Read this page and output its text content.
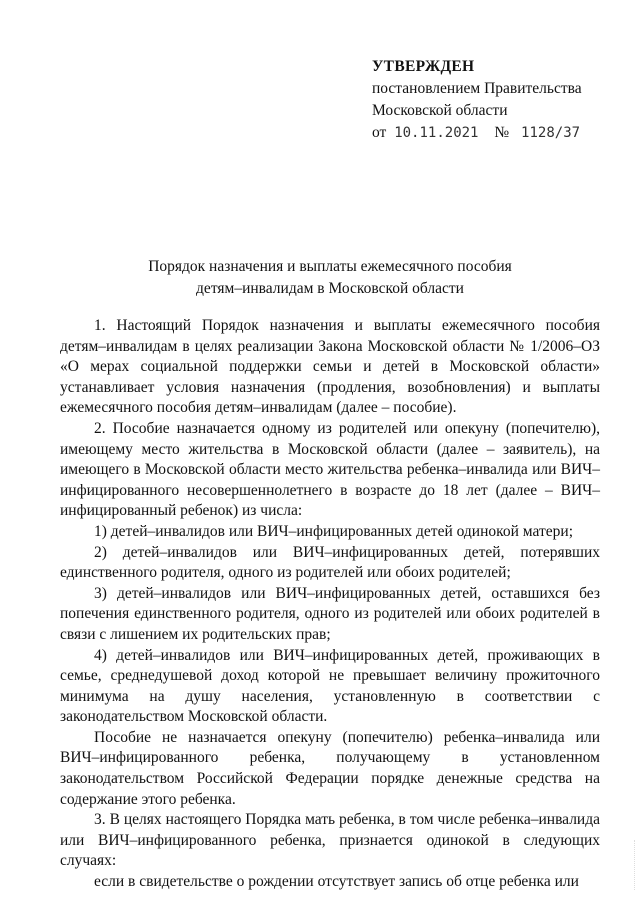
УТВЕРЖДЕН
постановлением Правительства
Московской области
от 10.11.2021 № 1128/37
Порядок назначения и выплаты ежемесячного пособия
детям–инвалидам в Московской области

1. Настоящий Порядок назначения и выплаты ежемесячного пособия детям–инвалидам в целях реализации Закона Московской области № 1/2006–ОЗ «О мерах социальной поддержки семьи и детей в Московской области» устанавливает условия назначения (продления, возобновления) и выплаты ежемесячного пособия детям–инвалидам (далее – пособие).

2. Пособие назначается одному из родителей или опекуну (попечителю), имеющему место жительства в Московской области (далее – заявитель), на имеющего в Московской области место жительства ребенка–инвалида или ВИЧ–инфицированного несовершеннолетнего в возрасте до 18 лет (далее – ВИЧ–инфицированный ребенок) из числа:

1) детей–инвалидов или ВИЧ–инфицированных детей одинокой матери;

2) детей–инвалидов или ВИЧ–инфицированных детей, потерявших единственного родителя, одного из родителей или обоих родителей;

3) детей–инвалидов или ВИЧ–инфицированных детей, оставшихся без попечения единственного родителя, одного из родителей или обоих родителей в связи с лишением их родительских прав;

4) детей–инвалидов или ВИЧ–инфицированных детей, проживающих в семье, среднедушевой доход которой не превышает величину прожиточного минимума на душу населения, установленную в соответствии с законодательством Московской области.

Пособие не назначается опекуну (попечителю) ребенка–инвалида или ВИЧ–инфицированного ребенка, получающему в установленном законодательством Российской Федерации порядке денежные средства на содержание этого ребенка.

3. В целях настоящего Порядка мать ребенка, в том числе ребенка–инвалида или ВИЧ–инфицированного ребенка, признается одинокой в следующих случаях:

если в свидетельстве о рождении отсутствует запись об отце ребенка или
